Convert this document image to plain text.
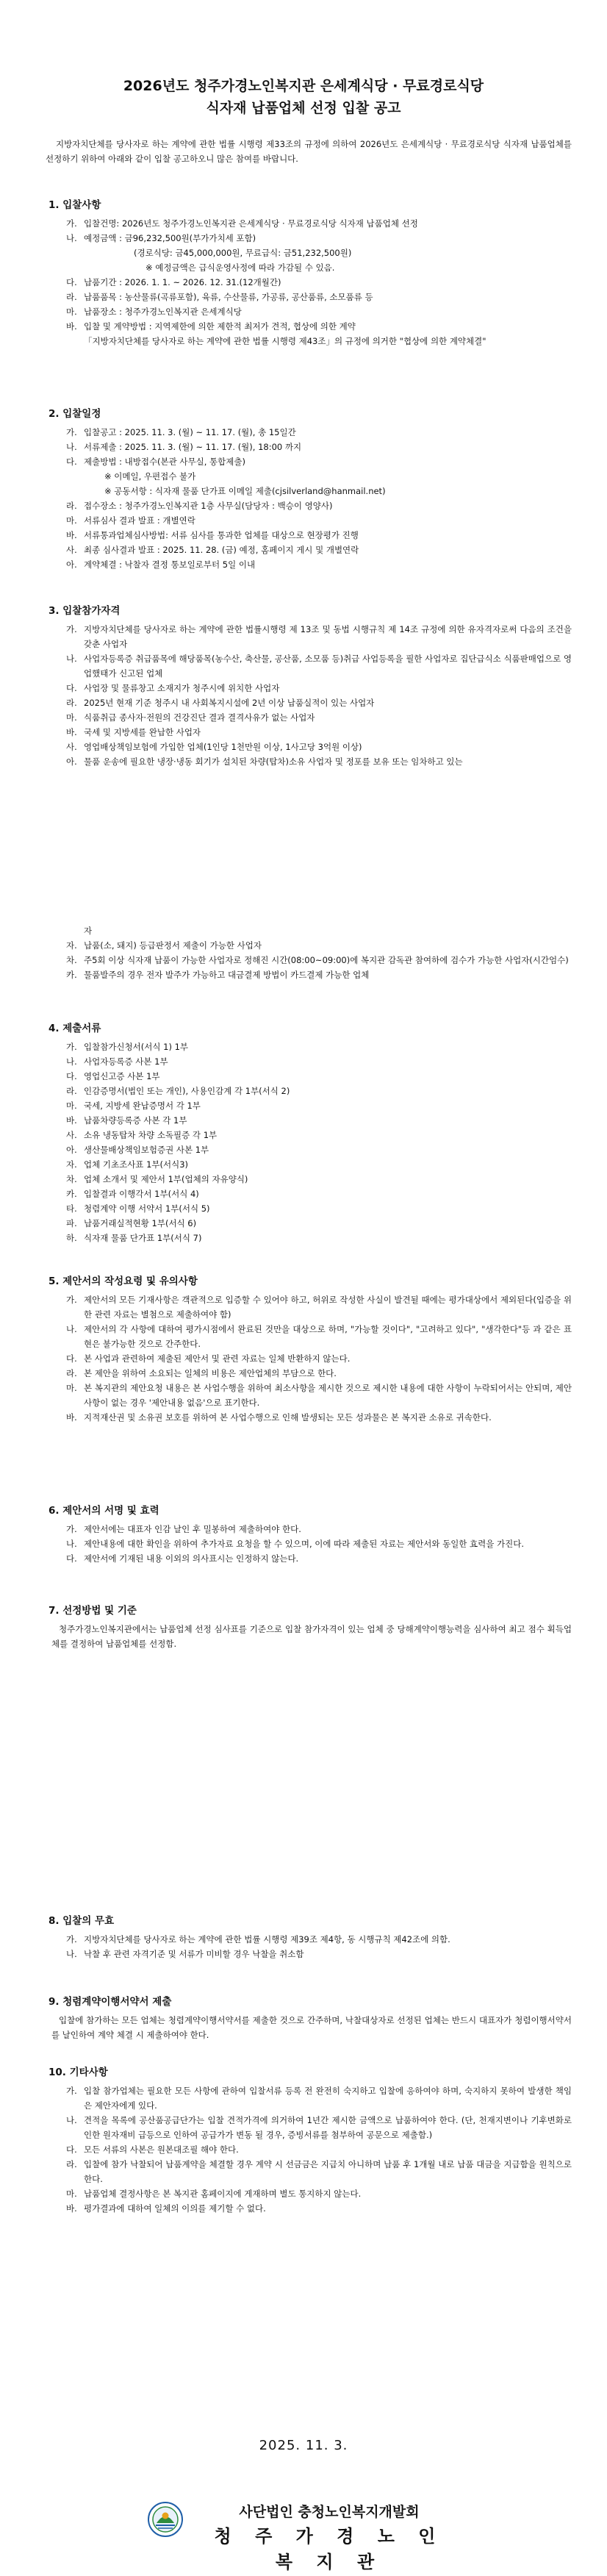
2026년도 청주가경노인복지관 은세계식당 · 무료경로식당
식자재 납품업체 선정 입찰 공고
지방자치단체를 당사자로 하는 계약에 관한 법률 시행령 제33조의 규정에 의하여 2026년도 은세계식당 · 무료경로식당 식자재 납품업체를 선정하기 위하여 아래와 같이 입찰 공고하오니 많은 참여를 바랍니다.
1. 입찰사항
가. 입찰건명: 2026년도 청주가경노인복지관 은세계식당 · 무료경로식당 식자재 납품업체 선정
나. 예정금액 : 금96,232,500원(부가가치세 포함)
(경로식당: 금45,000,000원, 무료급식: 금51,232,500원)
※ 예정금액은 급식운영사정에 따라 가감될 수 있음.
다. 납품기간 : 2026. 1. 1. ~ 2026. 12. 31.(12개월간)
라. 납품품목 : 농산물류(곡류포함), 육류, 수산물류, 가공류, 공산품류, 소모품류 등
마. 납품장소 : 청주가경노인복지관 은세계식당
바. 입찰 및 계약방법 : 지역제한에 의한 제한적 최저가 견적, 협상에 의한 계약
「지방자치단체를 당사자로 하는 계약에 관한 법률 시행령 제43조」의 규정에 의거한 "협상에 의한 계약체결"
2. 입찰일정
가. 입찰공고 : 2025. 11. 3. (월) ~ 11. 17. (월), 총 15일간
나. 서류제출 : 2025. 11. 3. (월) ~ 11. 17. (월), 18:00 까지
다. 제출방법 : 내방접수(본관 사무실, 통합제출)
※ 이메일, 우편접수 불가
※ 공동서항 : 식자재 물품 단가표 이메일 제출(cjsilverland@hanmail.net)
라. 접수장소 : 청주가경노인복지관 1층 사무실(담당자 : 백승이 영양사)
마. 서류심사 결과 발표 : 개별연락
바. 서류통과업체심사방법: 서류 심사를 통과한 업체를 대상으로 현장평가 진행
사. 최종 심사결과 발표 : 2025. 11. 28. (금) 예정, 홈페이지 게시 및 개별연락
아. 계약체결 : 낙찰자 결정 통보일로부터 5일 이내
3. 입찰참가자격
가. 지방자치단체를 당사자로 하는 계약에 관한 법률시행령 제 13조 및 동법 시행규칙 제 14조 규정에 의한 유자격자로써 다음의 조건을 갖춘 사업자
나. 사업자등록증 취급품목에 해당품목(농수산, 축산물, 공산품, 소모품 등)취급 사업등록을 필한 사업자로 집단급식소 식품판매업으로 영업했태가 신고된 업체
다. 사업장 및 물류창고 소재지가 청주시에 위치한 사업자
라. 2025년 현재 기준 청주시 내 사회복지시설에 2년 이상 납품실적이 있는 사업자
마. 식품취급 종사자·전원의 건강진단 결과 결격사유가 없는 사업자
바. 국세 및 지방세를 완납한 사업자
사. 영업배상책임보험에 가입한 업체(1인당 1천만원 이상, 1사고당 3억원 이상)
아. 물품 운송에 필요한 냉장·냉동 회기가 설치된 차량(탑차)소유 사업자 및 정포를 보유 또는 임차하고 있는
자
자. 납품(소, 돼지) 등급판정서 제출이 가능한 사업자
차. 주5회 이상 식자재 납품이 가능한 사업자로 정해진 시간(08:00~09:00)에 복지관 감독관 참여하에 검수가 가능한 사업자(시간엄수)
카. 물품발주의 경우 전자 발주가 가능하고 대금결제 방법이 카드결제 가능한 업체
4. 제출서류
가. 입찰참가신청서(서식 1) 1부
나. 사업자등록증 사본 1부
다. 영업신고증 사본 1부
라. 인감증명서(법인 또는 개인), 사용인감계 각 1부(서식 2)
마. 국세, 지방세 완납증명서 각 1부
바. 납품차량등록증 사본 각 1부
사. 소유 냉동탑차 차량 소독필증 각 1부
아. 생산물배상책임보험증권 사본 1부
자. 업체 기초조사표 1부(서식3)
차. 업체 소개서 및 제안서 1부(업체의 자유양식)
카. 입찰결과 이행각서 1부(서식 4)
타. 청렴계약 이행 서약서 1부(서식 5)
파. 납품거래실적현황 1부(서식 6)
하. 식자재 물품 단가표 1부(서식 7)
5. 제안서의 작성요령 및 유의사항
가. 제안서의 모든 기재사항은 객관적으로 입증할 수 있어야 하고, 허위로 작성한 사실이 발견될 때에는 평가대상에서 제외된다(입증을 위한 관련 자료는 별첨으로 제출하여야 함)
나. 제안서의 각 사항에 대하여 평가시점에서 완료된 것만을 대상으로 하며, "가능할 것이다", "고려하고 있다", "생각한다"등 과 같은 표현은 불가능한 것으로 간주한다.
다. 본 사업과 관련하여 제출된 제안서 및 관련 자료는 일체 반환하지 않는다.
라. 본 제안을 위하여 소요되는 일체의 비용은 제안업체의 부담으로 한다.
마. 본 복지관의 제안요청 내용은 본 사업수행을 위하여 최소사항을 제시한 것으로 제시한 내용에 대한 사항이 누락되어서는 안되며, 제안사항이 없는 경우 '제안내용 없음'으로 표기한다.
바. 지적재산권 및 소유권 보호를 위하여 본 사업수행으로 인해 발생되는 모든 성과물은 본 복지관 소유로 귀속한다.
6. 제안서의 서명 및 효력
가. 제안서에는 대표자 인감 날인 후 밀봉하여 제출하여야 한다.
나. 제안내용에 대한 확인을 위하여 추가자료 요청을 할 수 있으며, 이에 따라 제출된 자료는 제안서와 동일한 효력을 가진다.
다. 제안서에 기재된 내용 이외의 의사표시는 인정하지 않는다.
7. 선정방법 및 기준
청주가경노인복지관에서는 납품업체 선정 심사표를 기준으로 입찰 참가자격이 있는 업체 중 당해계약이행능력을 심사하여 최고 점수 획득업체를 결정하여 납품업체를 선정함.
8. 입찰의 무효
가. 지방자치단체를 당사자로 하는 계약에 관한 법률 시행령 제39조 제4항, 동 시행규칙 제42조에 의함.
나. 낙찰 후 관련 자격기준 및 서류가 미비할 경우 낙찰을 취소함
9. 청렴계약이행서약서 제출
입찰에 참가하는 모든 업체는 청렴계약이행서약서를 제출한 것으로 간주하며, 낙찰대상자로 선정된 업체는 반드시 대표자가 청렴이행서약서를 날인하여 계약 체결 시 제출하여야 한다.
10. 기타사항
가. 입찰 참가업체는 필요한 모든 사항에 관하여 입찰서류 등록 전 완전히 숙지하고 입찰에 응하여야 하며, 숙지하지 못하여 발생한 책임은 제안자에게 있다.
나. 견적을 목록에 공산품공급단가는 입찰 견적가격에 의거하여 1년간 제시한 금액으로 납품하여야 한다. (단, 천재지변이나 기후변화로 인한 원자재비 급등으로 인하여 공급가가 변동 될 경우, 증빙서류를 첨부하여 공문으로 제출함.)
다. 모든 서류의 사본은 원본대조필 해야 한다.
라. 입찰에 참가 낙찰되어 납품계약을 체결할 경우 계약 시 선금금은 지급치 아니하며 납품 후 1개월 내로 납품 대금을 지급함을 원칙으로 한다.
마. 납품업체 결정사항은 본 복지관 홈페이지에 게재하며 별도 통지하지 않는다.
바. 평가결과에 대하여 일체의 이의를 제기할 수 없다.
2025. 11. 3.
사단법인 충청노인복지개발회
청 주 가 경 노 인 복 지 관
